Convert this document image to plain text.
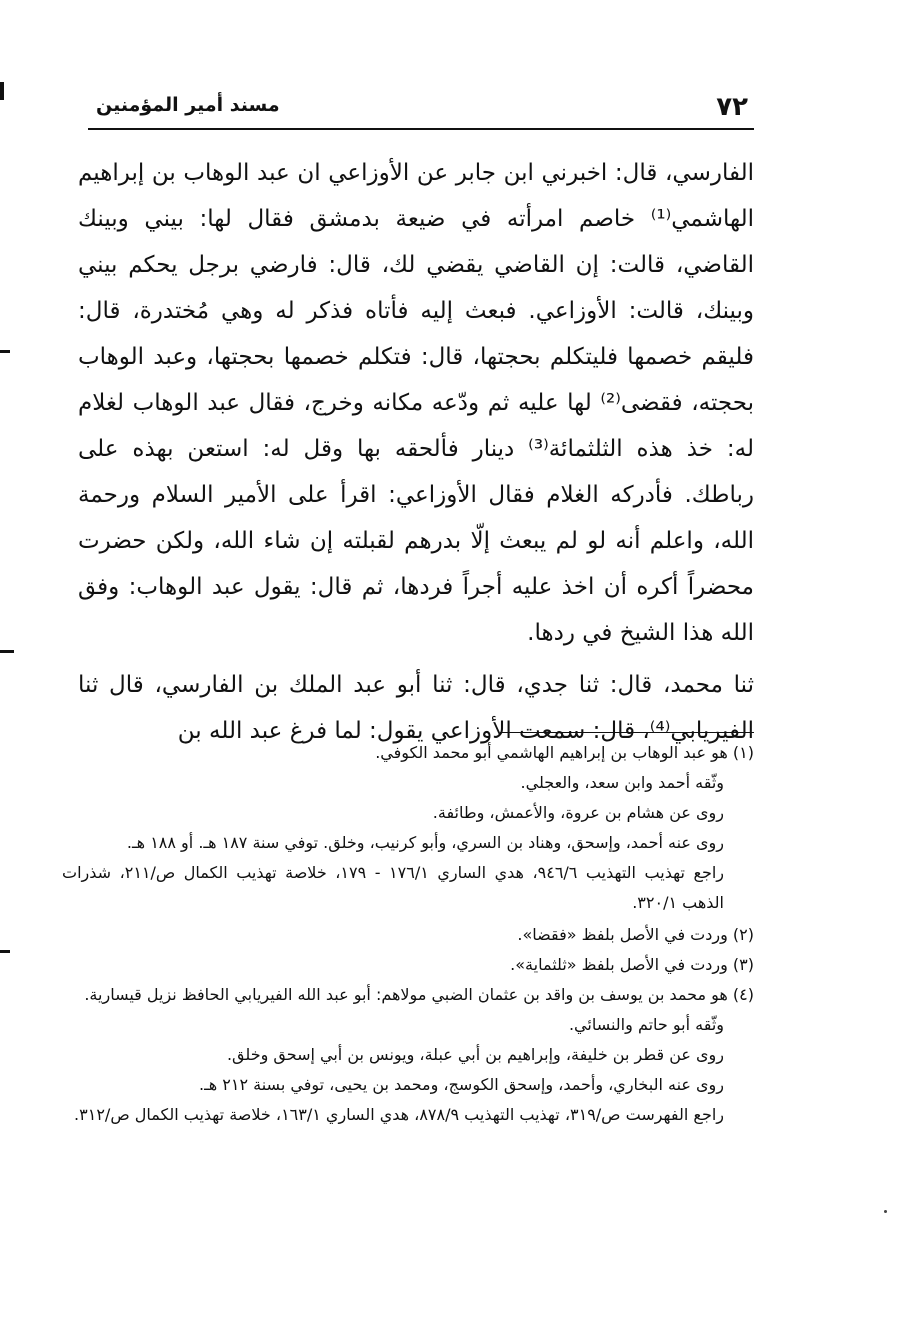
٧٢
مسند أمير المؤمنين

الفارسي، قال: اخبرني ابن جابر عن الأوزاعي ان عبد الوهاب بن إبراهيم الهاشمي⁽¹⁾ خاصم امرأته في ضيعة بدمشق فقال لها: بيني وبينك القاضي، قالت: إن القاضي يقضي لك، قال: فارضي برجل يحكم بيني وبينك، قالت: الأوزاعي. فبعث إليه فأتاه فذكر له وهي مُختدرة، قال: فليقم خصمها فليتكلم بحجتها، قال: فتكلم خصمها بحجتها، وعبد الوهاب بحجته، فقضى⁽²⁾ لها عليه ثم ودّعه مكانه وخرج، فقال عبد الوهاب لغلام له: خذ هذه الثلثمائة⁽³⁾ دينار فألحقه بها وقل له: استعن بهذه على رباطك. فأدركه الغلام فقال الأوزاعي: اقرأ على الأمير السلام ورحمة الله، واعلم أنه لو لم يبعث إلّا بدرهم لقبلته إن شاء الله، ولكن حضرت محضراً أكره أن اخذ عليه أجراً فردها، ثم قال: يقول عبد الوهاب: وفق الله هذا الشيخ في ردها.

ثنا محمد، قال: ثنا جدي، قال: ثنا أبو عبد الملك بن الفارسي، قال ثنا الفيريابي⁽⁴⁾، قال: سمعت الأوزاعي يقول: لما فرغ عبد الله بن

(١) هو عبد الوهاب بن إبراهيم الهاشمي أبو محمد الكوفي.

وثّقه أحمد وابن سعد، والعجلي.

روى عن هشام بن عروة، والأعمش، وطائفة.

روى عنه أحمد، وإسحق، وهناد بن السري، وأبو كرنيب، وخلق. توفي سنة ١٨٧ هـ. أو ١٨٨ هـ.

راجع تهذيب التهذيب ٩٤٦/٦، هدي الساري ١٧٦/١ - ١٧٩، خلاصة تهذيب الكمال ص/٢١١، شذرات الذهب ٣٢٠/١.

(٢) وردت في الأصل بلفظ «فقضا».

(٣) وردت في الأصل بلفظ «ثلثماية».

(٤) هو محمد بن يوسف بن واقد بن عثمان الضبي مولاهم: أبو عبد الله الفيريابي الحافظ نزيل قيسارية.

وثّقه أبو حاتم والنسائي.

روى عن قطر بن خليفة، وإبراهيم بن أبي عبلة، ويونس بن أبي إسحق وخلق.

روى عنه البخاري، وأحمد، وإسحق الكوسج، ومحمد بن يحيى، توفي بسنة ٢١٢ هـ.

راجع الفهرست ص/٣١٩، تهذيب التهذيب ٨٧٨/٩، هدي الساري ١٦٣/١، خلاصة تهذيب الكمال ص/٣١٢.
